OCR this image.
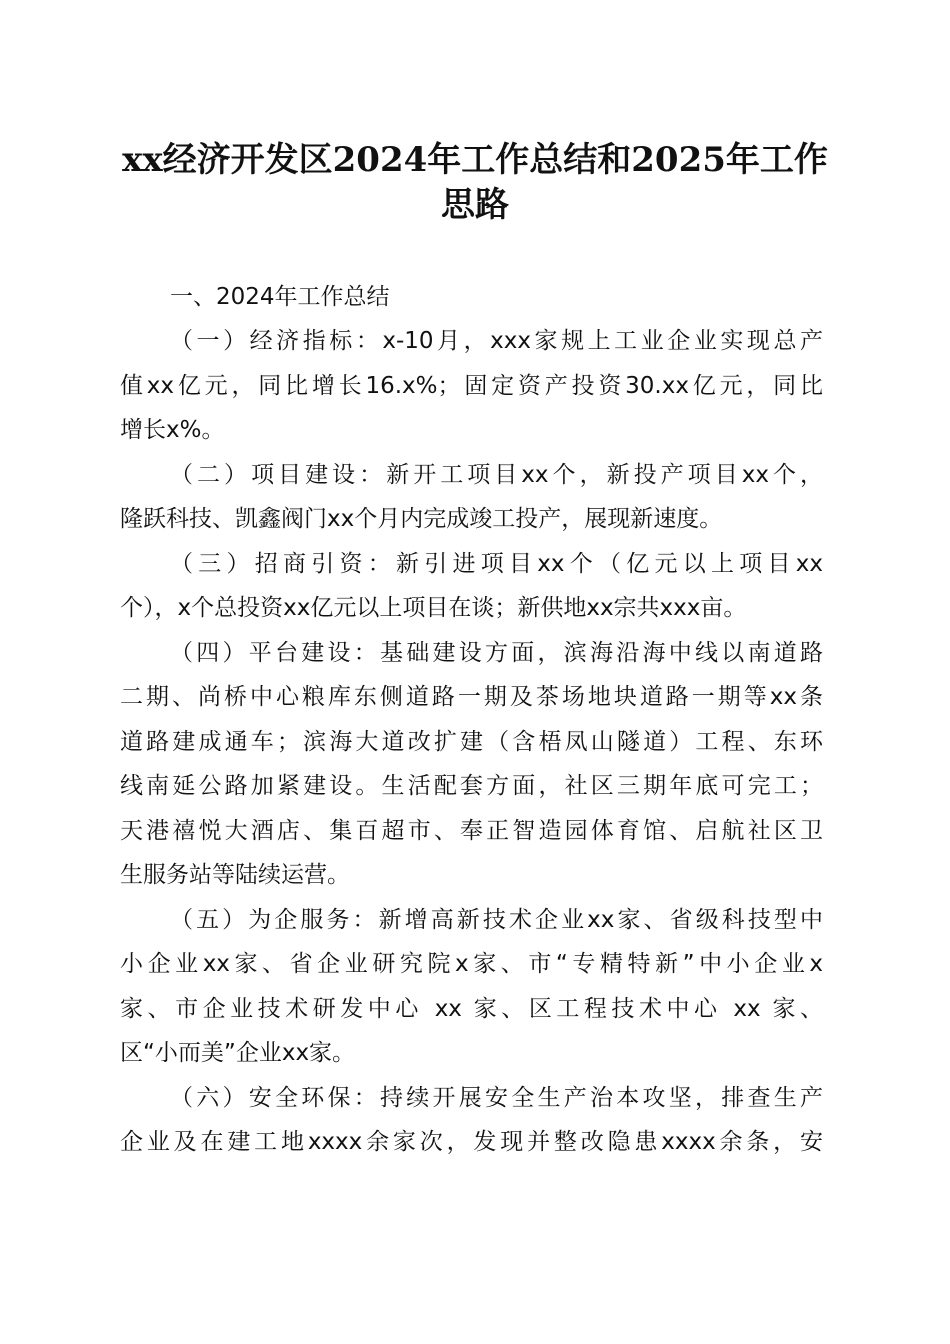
xx经济开发区2024年工作总结和2025年工作
思路
一、2024年工作总结
（一）经济指标：x-10月，xxx家规上工业企业实现总产
值xx亿元，同比增长16.x%；固定资产投资30.xx亿元，同比
增长x%。
（二）项目建设：新开工项目xx个，新投产项目xx个，
隆跃科技、凯鑫阀门xx个月内完成竣工投产，展现新速度。
（三）招商引资：新引进项目xx个（亿元以上项目xx
个），x个总投资xx亿元以上项目在谈；新供地xx宗共xxx亩。
（四）平台建设：基础建设方面，滨海沿海中线以南道路
二期、尚桥中心粮库东侧道路一期及茶场地块道路一期等xx条
道路建成通车；滨海大道改扩建（含梧凤山隧道）工程、东环
线南延公路加紧建设。生活配套方面，社区三期年底可完工；
天港禧悦大酒店、集百超市、奉正智造园体育馆、启航社区卫
生服务站等陆续运营。
（五）为企服务：新增高新技术企业xx家、省级科技型中
小企业xx家、省企业研究院x家、市“专精特新”中小企业x
家、市企业技术研发中心 xx 家、区工程技术中心 xx 家、
区“小而美”企业xx家。
（六）安全环保：持续开展安全生产治本攻坚，排查生产
企业及在建工地xxxx余家次，发现并整改隐患xxxx余条，安
